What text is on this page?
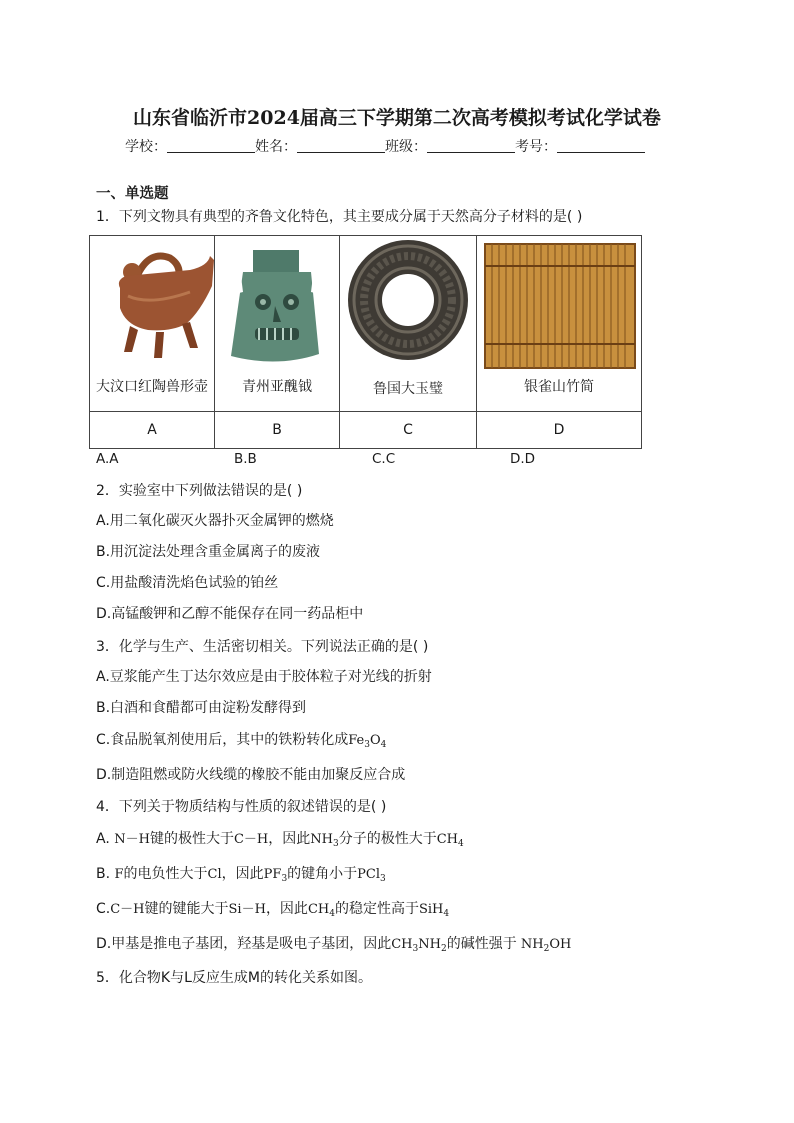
山东省临沂市2024届高三下学期第二次高考模拟考试化学试卷
学校：	姓名：	班级：	考号：
一、单选题
1．下列文物具有典型的齐鲁文化特色，其主要成分属于天然高分子材料的是( )
大汶口红陶兽形壶	青州亚醜钺	鲁国大玉璧	银雀山竹简

A	B	C	D
A.A	B.B	C.C	D.D
2．实验室中下列做法错误的是( )
A.用二氧化碳灭火器扑灭金属钾的燃烧
B.用沉淀法处理含重金属离子的废液
C.用盐酸清洗焰色试验的铂丝
D.高锰酸钾和乙醇不能保存在同一药品柜中
3．化学与生产、生活密切相关。下列说法正确的是( )
A.豆浆能产生丁达尔效应是由于胶体粒子对光线的折射
B.白酒和食醋都可由淀粉发酵得到
C.食品脱氧剂使用后，其中的铁粉转化成$Fe_3O_4$
D.制造阻燃或防火线缆的橡胶不能由加聚反应合成
4．下列关于物质结构与性质的叙述错误的是( )
A. N－H键的极性大于C－H，因此$NH_3$分子的极性大于$CH_4$
B. F的电负性大于Cl，因此$PF_3$的键角小于PCl$_3$
C.C－H键的键能大于Si－H，因此$CH_4$的稳定性高于SiH$_4$
D.甲基是推电子基团，羟基是吸电子基团，因此$CH_3NH_2$的碱性强于 $NH_2OH$
5．化合物K与L反应生成M的转化关系如图。
